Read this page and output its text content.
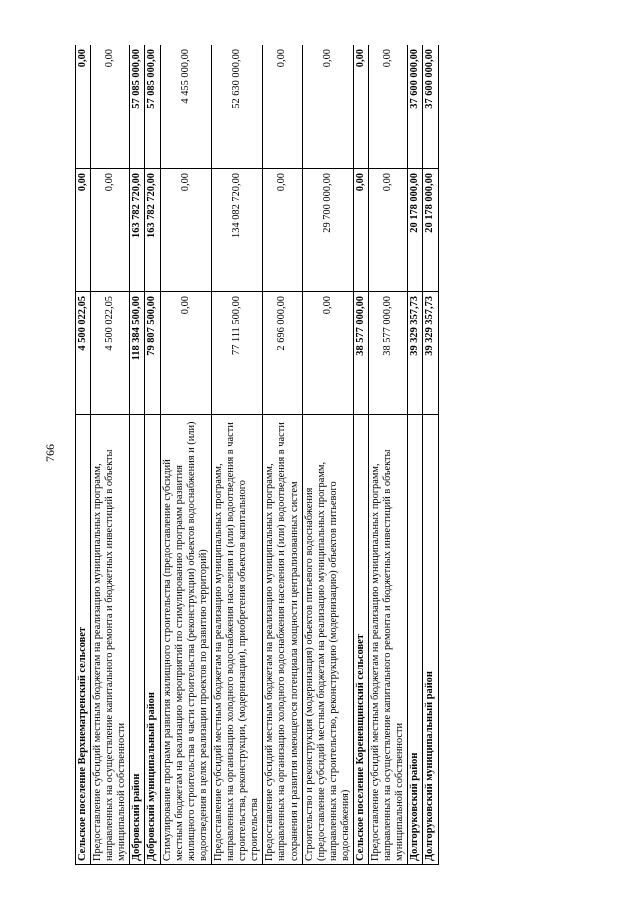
766
Сельское поселение Верхнематренский сельсовет	4 500 022,05	0,00	0,00
Предоставление субсидий местным бюджетам на реализацию муниципальных программ, направленных на осуществление капитального ремонта и бюджетных инвестиций в объекты муниципальной собственности	4 500 022,05	0,00	0,00
Добровский район	118 384 500,00	163 782 720,00	57 085 000,00
Добровский муниципальный район	79 807 500,00	163 782 720,00	57 085 000,00
Стимулирование программ развития жилищного строительства (предоставление субсидий местным бюджетам на реализацию мероприятий по стимулированию программ развития жилищного строительства в части строительства (реконструкции) объектов водоснабжения и (или) водоотведения в целях реализации проектов по развитию территорий)	0,00	0,00	4 455 000,00
Предоставление субсидий местным бюджетам на реализацию муниципальных программ, направленных на организацию холодного водоснабжения населения и (или) водоотведения в части строительства, реконструкции, (модернизации), приобретения объектов капитального строительства	77 111 500,00	134 082 720,00	52 630 000,00
Предоставление субсидий местным бюджетам на реализацию муниципальных программ, направленных на организацию холодного водоснабжения населения и (или) водоотведения в части сохранения и развития имеющегося потенциала мощности централизованных систем	2 696 000,00	0,00	0,00
Строительство и реконструкция (модернизация) объектов питьевого водоснабжения (предоставление субсидий местным бюджетам на реализацию муниципальных программ, направленных на строительство, реконструкцию (модернизацию) объектов питьевого водоснабжения)	0,00	29 700 000,00	0,00
Сельское поселение Кореневщинский сельсовет	38 577 000,00	0,00	0,00
Предоставление субсидий местным бюджетам на реализацию муниципальных программ, направленных на осуществление капитального ремонта и бюджетных инвестиций в объекты муниципальной собственности	38 577 000,00	0,00	0,00
Долгоруковский район	39 329 357,73	20 178 000,00	37 600 000,00
Долгоруковский муниципальный район	39 329 357,73	20 178 000,00	37 600 000,00
